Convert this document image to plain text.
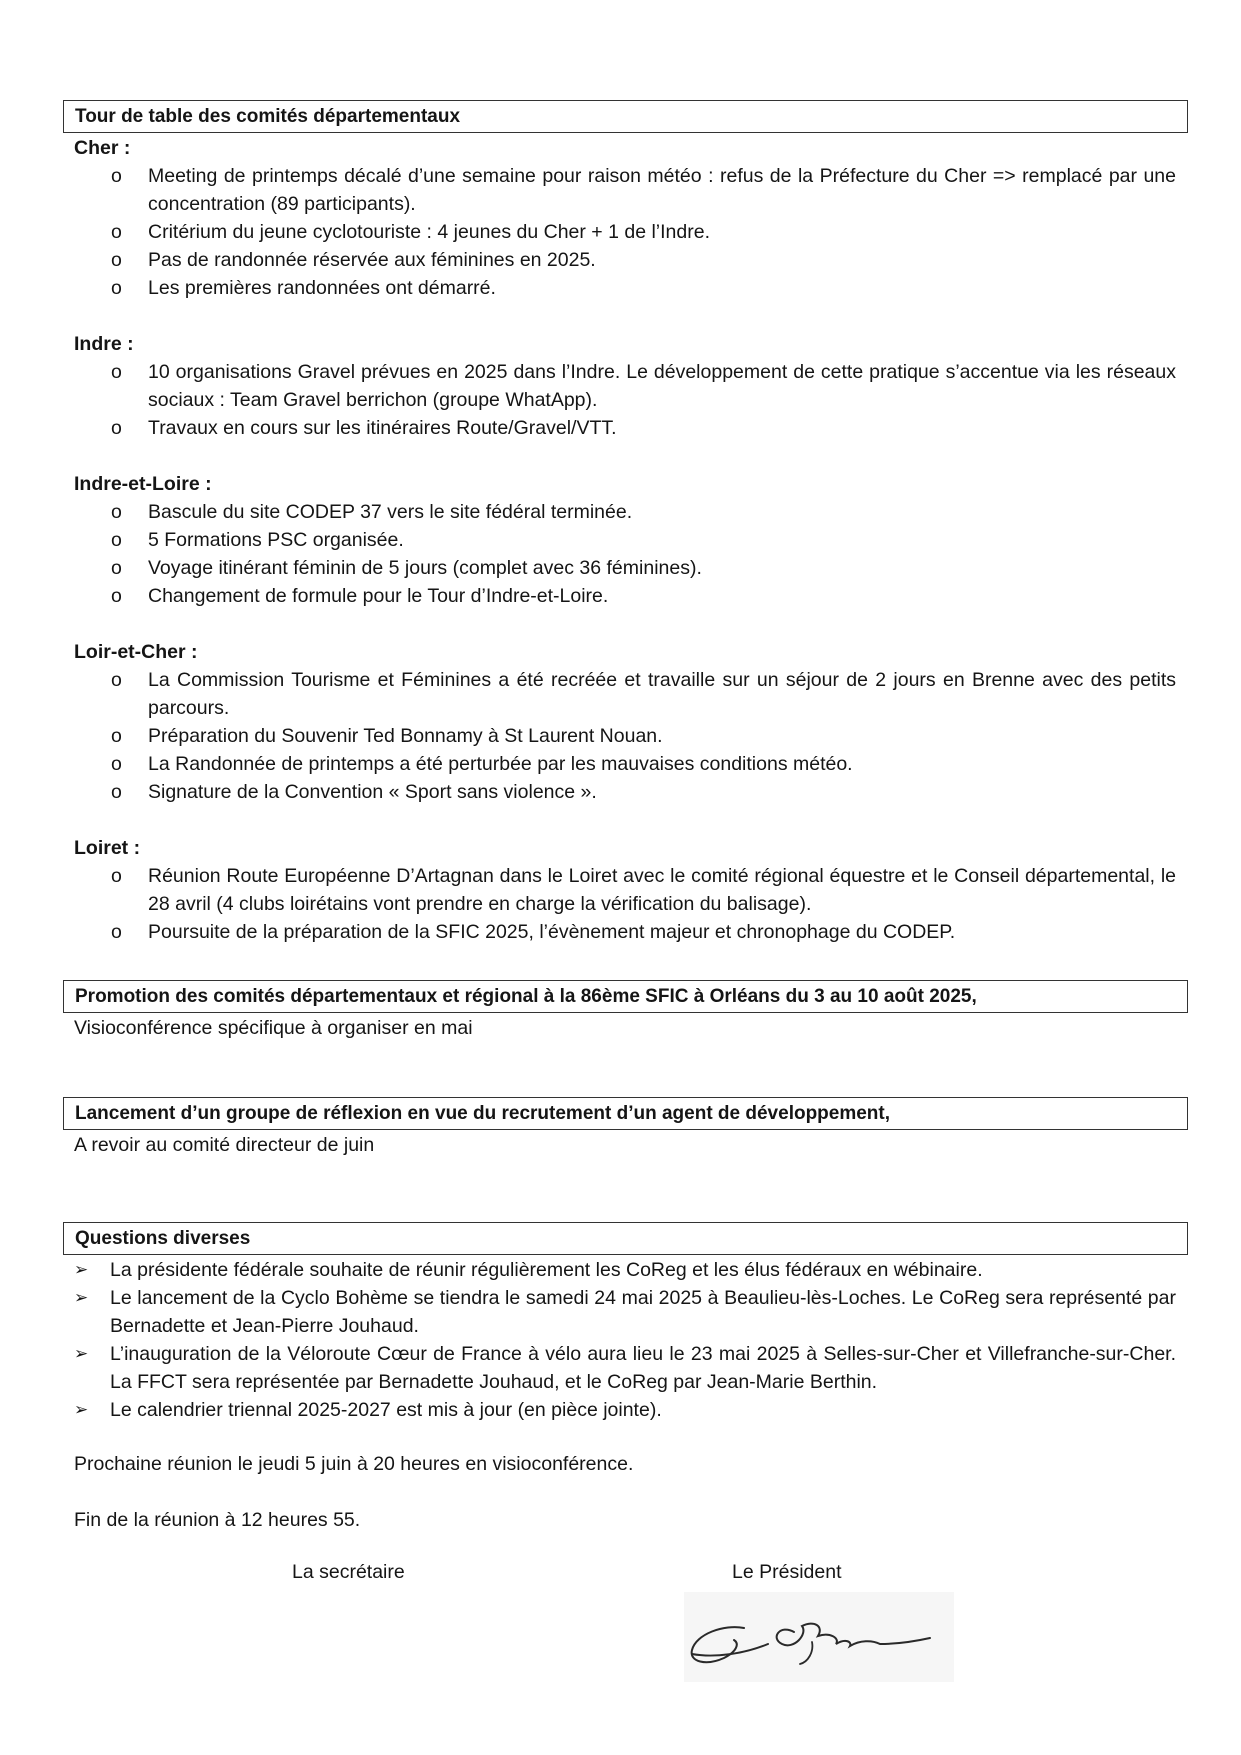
Tour de table des comités départementaux
Cher :
o Meeting de printemps décalé d’une semaine pour raison météo : refus de la Préfecture du Cher => remplacé par une concentration (89 participants).
o Critérium du jeune cyclotouriste : 4 jeunes du Cher + 1 de l’Indre.
o Pas de randonnée réservée aux féminines en 2025.
o Les premières randonnées ont démarré.
Indre :
o 10 organisations Gravel prévues en 2025 dans l’Indre. Le développement de cette pratique s’accentue via les réseaux sociaux : Team Gravel berrichon (groupe WhatApp).
o Travaux en cours sur les itinéraires Route/Gravel/VTT.
Indre-et-Loire :
o Bascule du site CODEP 37 vers le site fédéral terminée.
o 5 Formations PSC organisée.
o Voyage itinérant féminin de 5 jours (complet avec 36 féminines).
o Changement de formule pour le Tour d’Indre-et-Loire.
Loir-et-Cher :
o La Commission Tourisme et Féminines a été recréée et travaille sur un séjour de 2 jours en Brenne avec des petits parcours.
o Préparation du Souvenir Ted Bonnamy à St Laurent Nouan.
o La Randonnée de printemps a été perturbée par les mauvaises conditions météo.
o Signature de la Convention « Sport sans violence ».
Loiret :
o Réunion Route Européenne D’Artagnan dans le Loiret avec le comité régional équestre et le Conseil départemental, le 28 avril (4 clubs loirétains vont prendre en charge la vérification du balisage).
o Poursuite de la préparation de la SFIC 2025, l’évènement majeur et chronophage du CODEP.
Promotion des comités départementaux et régional à la 86ème SFIC à Orléans du 3 au 10 août 2025,
Visioconférence spécifique à organiser en mai
Lancement d’un groupe de réflexion en vue du recrutement d’un agent de développement,
A revoir au comité directeur de juin
Questions diverses
➢ La présidente fédérale souhaite de réunir régulièrement les CoReg et les élus fédéraux en wébinaire.
➢ Le lancement de la Cyclo Bohème se tiendra le samedi 24 mai 2025 à Beaulieu-lès-Loches. Le CoReg sera représenté par Bernadette et Jean-Pierre Jouhaud.
➢ L’inauguration de la Véloroute Cœur de France à vélo aura lieu le 23 mai 2025 à Selles-sur-Cher et Villefranche-sur-Cher. La FFCT sera représentée par Bernadette Jouhaud, et le CoReg par Jean-Marie Berthin.
➢ Le calendrier triennal 2025-2027 est mis à jour (en pièce jointe).
Prochaine réunion le jeudi 5 juin à 20 heures en visioconférence.
Fin de la réunion à 12 heures 55.
La secrétaire	Le Président
